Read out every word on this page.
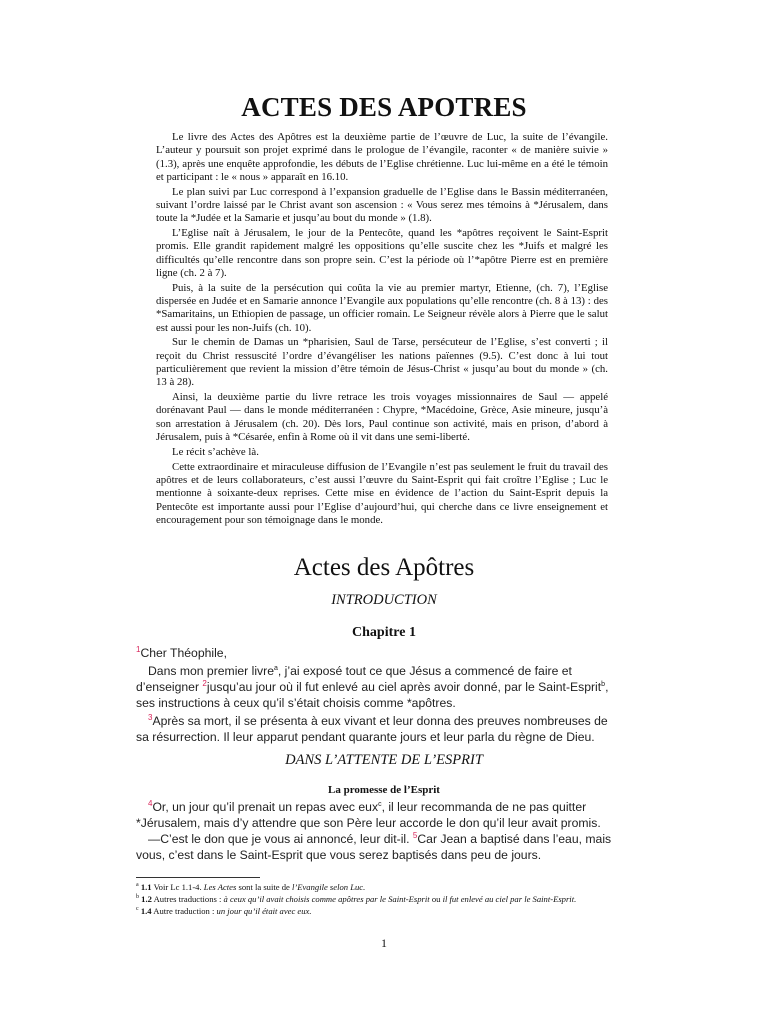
ACTES DES APOTRES

Le livre des Actes des Apôtres est la deuxième partie de l’œuvre de Luc, la suite de l’évangile. L’auteur y poursuit son projet exprimé dans le prologue de l’évangile, raconter « de manière suivie » (1.3), après une enquête approfondie, les débuts de l’Eglise chrétienne. Luc lui-même en a été le témoin et participant : le « nous » apparaît en 16.10.

Le plan suivi par Luc correspond à l’expansion graduelle de l’Eglise dans le Bassin méditerranéen, suivant l’ordre laissé par le Christ avant son ascension : « Vous serez mes témoins à *Jérusalem, dans toute la *Judée et la Samarie et jusqu’au bout du monde » (1.8).

L’Eglise naît à Jérusalem, le jour de la Pentecôte, quand les *apôtres reçoivent le Saint-Esprit promis. Elle grandit rapidement malgré les oppositions qu’elle suscite chez les *Juifs et malgré les difficultés qu’elle rencontre dans son propre sein. C’est la période où l’*apôtre Pierre est en première ligne (ch. 2 à 7).

Puis, à la suite de la persécution qui coûta la vie au premier martyr, Etienne, (ch. 7), l’Eglise dispersée en Judée et en Samarie annonce l’Evangile aux populations qu’elle rencontre (ch. 8 à 13) : des *Samaritains, un Ethiopien de passage, un officier romain. Le Seigneur révèle alors à Pierre que le salut est aussi pour les non-Juifs (ch. 10).

Sur le chemin de Damas un *pharisien, Saul de Tarse, persécuteur de l’Eglise, s’est converti ; il reçoit du Christ ressuscité l’ordre d’évangéliser les nations païennes (9.5). C’est donc à lui tout particulièrement que revient la mission d’être témoin de Jésus-Christ « jusqu’au bout du monde » (ch. 13 à 28).

Ainsi, la deuxième partie du livre retrace les trois voyages missionnaires de Saul — appelé dorénavant Paul — dans le monde méditerranéen : Chypre, *Macédoine, Grèce, Asie mineure, jusqu’à son arrestation à Jérusalem (ch. 20). Dès lors, Paul continue son activité, mais en prison, d’abord à Jérusalem, puis à *Césarée, enfin à Rome où il vit dans une semi-liberté.

Le récit s’achève là.

Cette extraordinaire et miraculeuse diffusion de l’Evangile n’est pas seulement le fruit du travail des apôtres et de leurs collaborateurs, c’est aussi l’œuvre du Saint-Esprit qui fait croître l’Eglise ; Luc le mentionne à soixante-deux reprises. Cette mise en évidence de l’action du Saint-Esprit depuis la Pentecôte est importante aussi pour l’Eglise d’aujourd’hui, qui cherche dans ce livre enseignement et encouragement pour son témoignage dans le monde.

Actes des Apôtres
INTRODUCTION
Chapitre 1

$^1$Cher Théophile,

Dans mon premier livre$^a$, j’ai exposé tout ce que Jésus a commencé de faire et d’enseigner $^2$jusqu’au jour où il fut enlevé au ciel après avoir donné, par le Saint-Esprit$^b$, ses instructions à ceux qu’il s’était choisis comme *apôtres.

$^3$Après sa mort, il se présenta à eux vivant et leur donna des preuves nombreuses de sa résurrection. Il leur apparut pendant quarante jours et leur parla du règne de Dieu.

DANS L’ATTENTE DE L’ESPRIT
La promesse de l’Esprit

$^4$Or, un jour qu’il prenait un repas avec eux$^c$, il leur recommanda de ne pas quitter *Jérusalem, mais d’y attendre que son Père leur accorde le don qu’il leur avait promis.

—C’est le don que je vous ai annoncé, leur dit-il. $^5$Car Jean a baptisé dans l’eau, mais vous, c’est dans le Saint-Esprit que vous serez baptisés dans peu de jours.

$^a$ 1.1 Voir Lc 1.1-4. Les Actes sont la suite de l’Evangile selon Luc.

$^b$ 1.2 Autres traductions : à ceux qu’il avait choisis comme apôtres par le Saint-Esprit ou il fut enlevé au ciel par le Saint-Esprit.

$^c$ 1.4 Autre traduction : un jour qu’il était avec eux.

1
